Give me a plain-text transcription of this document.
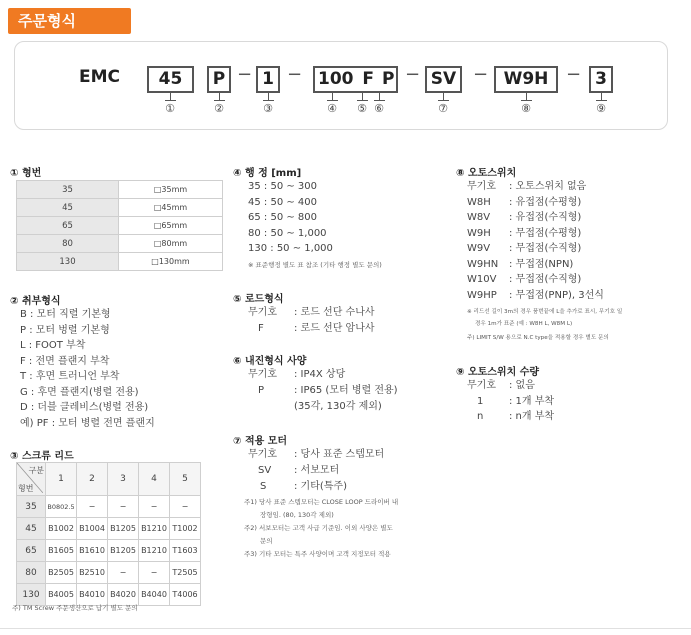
주문형식
EMC	45	P − 1 − 100 F P − SV − W9H − 3
①	②	③	④ ⑤ ⑥	⑦	⑧	⑨
① 형번
35	□35mm
45	□45mm
65	□65mm
80	□80mm
130	□130mm
② 취부형식
B : 모터 직렬 기본형
P : 모터 벙렬 기본형
L : FOOT 부착
F : 전면 플랜지 부착
T : 후면 트러니언 부착
G : 후면 플랜지(병렬 전용)
D : 더블 클레비스(병렬 전용)
예) PF : 모터 병렬 전면 플랜지
③ 스크류 리드
구분
형번	1	2	3	4	5
35	B0802.5	−	−	−	−
45	B1002	B1004	B1205	B1210	T1002
65	B1605	B1610	B1205	B1210	T1603
80	B2505	B2510	−	−	T2505
130	B4005	B4010	B4020	B4040	T4006
주) TM Screw 주문생산으로 납기 별도 문의
④ 행 정 [mm]
35 : 50 ∼ 300
45 : 50 ∼ 400
65 : 50 ∼ 800
80 : 50 ∼ 1,000
130 : 50 ∼ 1,000
※ 표준행정 별도 표 참조 (기타 행정 별도 문의)
⑤ 로드형식
무기호 : 로드 선단 수나사
F	: 로드 선단 암나사
⑥ 내진형식 사양
무기호 : IP4X 상당
P	: IP65 (모터 병렬 전용)
(35각, 130각 제외)
⑦ 적용 모터
무기호 : 당사 표준 스텝모터
SV : 서보모터
S	: 기타(특주)
주1) 당사 표준 스텝모터는 CLOSE LOOP 드라이버 내
장형임. (80, 130각 제외)
주2) 서보모터는 고객 사급 기준임. 이외 사양은 별도
문의
주3) 기타 모터는 특주 사양이며 고객 지정모터 적용
⑧ 오토스위치
무기호 : 오토스위치 없음
W8H : 유접점(수평형)
W8V : 유접점(수직형)
W9H : 무접점(수평형)
W9V : 무접점(수직형)
W9HN : 무접점(NPN)
W10V : 무접점(수직형)
W9HP : 무접점(PNP), 3선식
※ 리드선 길이 3m의 경우 품번끝에 L을 추가로 표시, 무기호 일
경우 1m가 표준 (예 : W8H L, W8M L)
주) LIMIT S/W 용으로 N.C type을 적용할 경우 별도 문의
⑨ 오토스위치 수량
무기호 : 없음
1	: 1개 부착
n	: n개 부착
